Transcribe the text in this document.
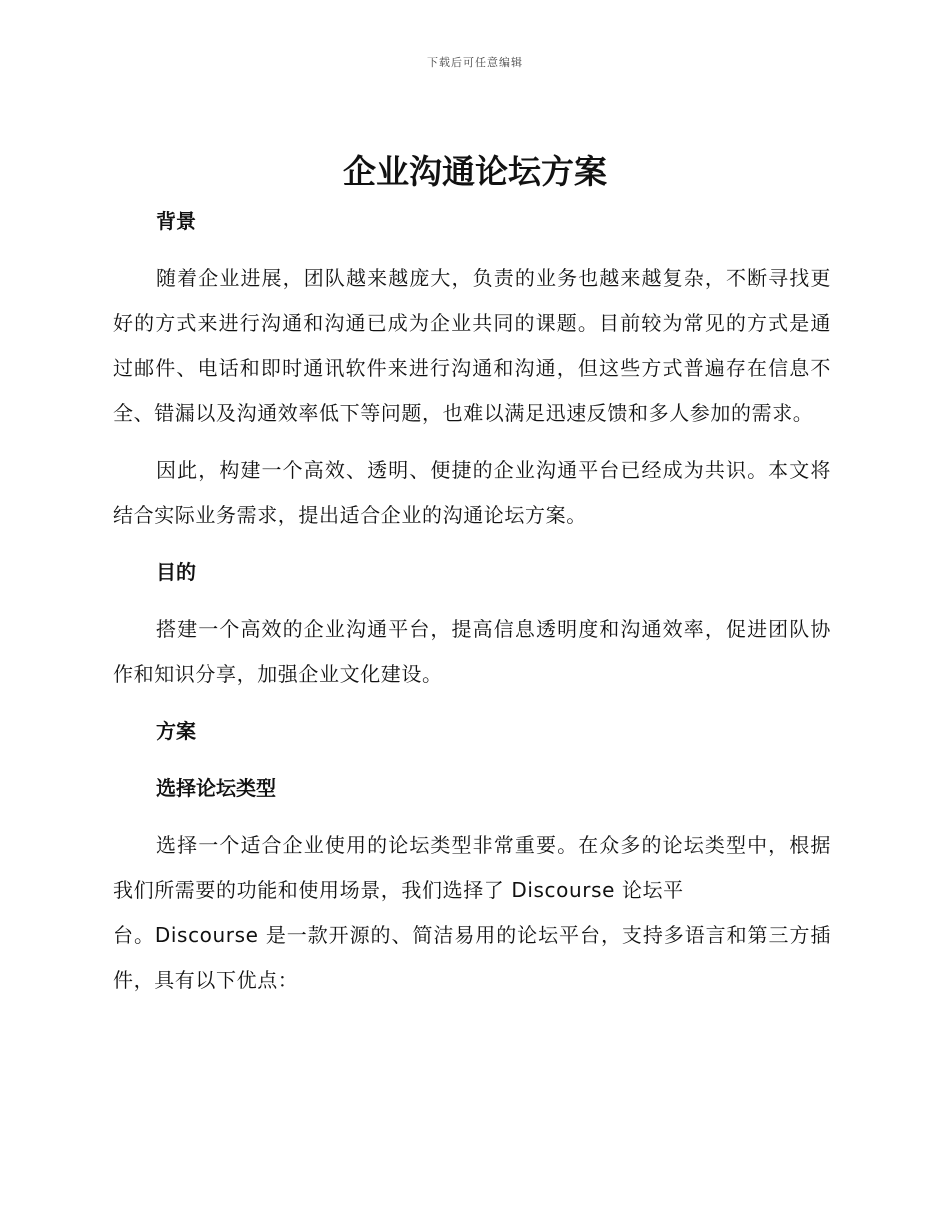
下载后可任意编辑
企业沟通论坛方案

背景

随着企业进展，团队越来越庞大，负责的业务也越来越复杂，不断寻找更好的方式来进行沟通和沟通已成为企业共同的课题。目前较为常见的方式是通过邮件、电话和即时通讯软件来进行沟通和沟通，但这些方式普遍存在信息不全、错漏以及沟通效率低下等问题，也难以满足迅速反馈和多人参加的需求。

因此，构建一个高效、透明、便捷的企业沟通平台已经成为共识。本文将结合实际业务需求，提出适合企业的沟通论坛方案。

目的

搭建一个高效的企业沟通平台，提高信息透明度和沟通效率，促进团队协作和知识分享，加强企业文化建设。

方案

选择论坛类型

选择一个适合企业使用的论坛类型非常重要。在众多的论坛类型中，根据我们所需要的功能和使用场景，我们选择了 Discourse 论坛平
台。Discourse 是一款开源的、简洁易用的论坛平台，支持多语言和第三方插件，具有以下优点：
